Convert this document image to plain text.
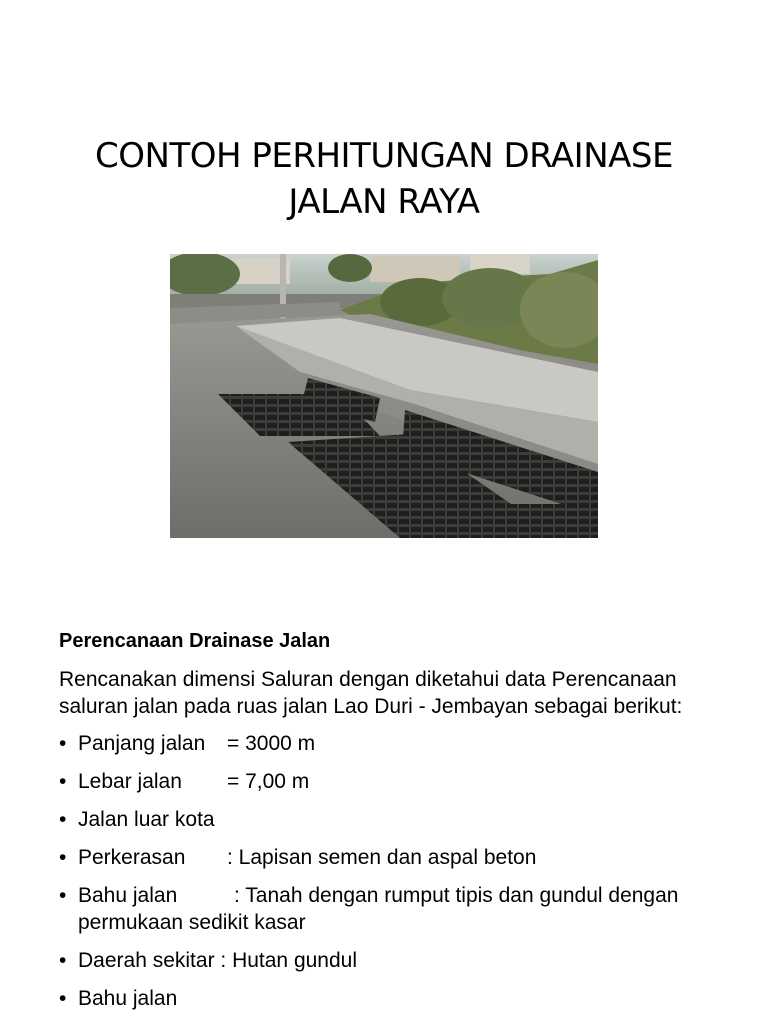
CONTOH PERHITUNGAN DRAINASE
JALAN RAYA
Perencanaan Drainase Jalan
Rencanakan dimensi Saluran dengan diketahui data Perencanaan saluran jalan pada ruas jalan Lao Duri - Jembayan sebagai berikut:
• Panjang jalan = 3000 m
• Lebar jalan = 7,00 m
• Jalan luar kota
• Perkerasan : Lapisan semen dan aspal beton
• Bahu jalan	: Tanah dengan rumput tipis dan gundul dengan permukaan sedikit kasar
• Daerah sekitar : Hutan gundul
• Bahu jalan
